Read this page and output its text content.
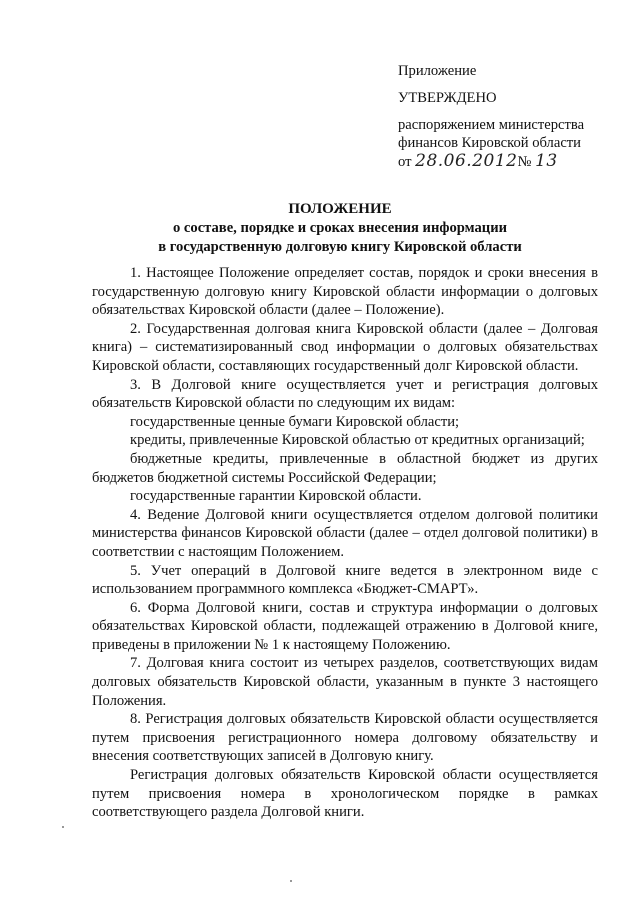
Приложение
УТВЕРЖДЕНО
распоряжением министерства
финансов Кировской области
от 28.06.2012№ 13
ПОЛОЖЕНИЕ
о составе, порядке и сроках внесения информации
в государственную долговую книгу Кировской области

1. Настоящее Положение определяет состав, порядок и сроки внесения в государственную долговую книгу Кировской области информации о долговых обязательствах Кировской области (далее – Положение).

2. Государственная долговая книга Кировской области (далее – Долговая книга) – систематизированный свод информации о долговых обязательствах Кировской области, составляющих государственный долг Кировской области.

3. В Долговой книге осуществляется учет и регистрация долговых обязательств Кировской области по следующим их видам:

государственные ценные бумаги Кировской области;

кредиты, привлеченные Кировской областью от кредитных организаций;

бюджетные кредиты, привлеченные в областной бюджет из других бюджетов бюджетной системы Российской Федерации;

государственные гарантии Кировской области.

4. Ведение Долговой книги осуществляется отделом долговой политики министерства финансов Кировской области (далее – отдел долговой политики) в соответствии с настоящим Положением.

5. Учет операций в Долговой книге ведется в электронном виде с использованием программного комплекса «Бюджет-СМАРТ».

6. Форма Долговой книги, состав и структура информации о долговых обязательствах Кировской области, подлежащей отражению в Долговой книге, приведены в приложении № 1 к настоящему Положению.

7. Долговая книга состоит из четырех разделов, соответствующих видам долговых обязательств Кировской области, указанным в пункте 3 настоящего Положения.

8. Регистрация долговых обязательств Кировской области осуществляется путем присвоения регистрационного номера долговому обязательству и внесения соответствующих записей в Долговую книгу.

Регистрация долговых обязательств Кировской области осуществляется путем присвоения номера в хронологическом порядке в рамках соответствующего раздела Долговой книги.
